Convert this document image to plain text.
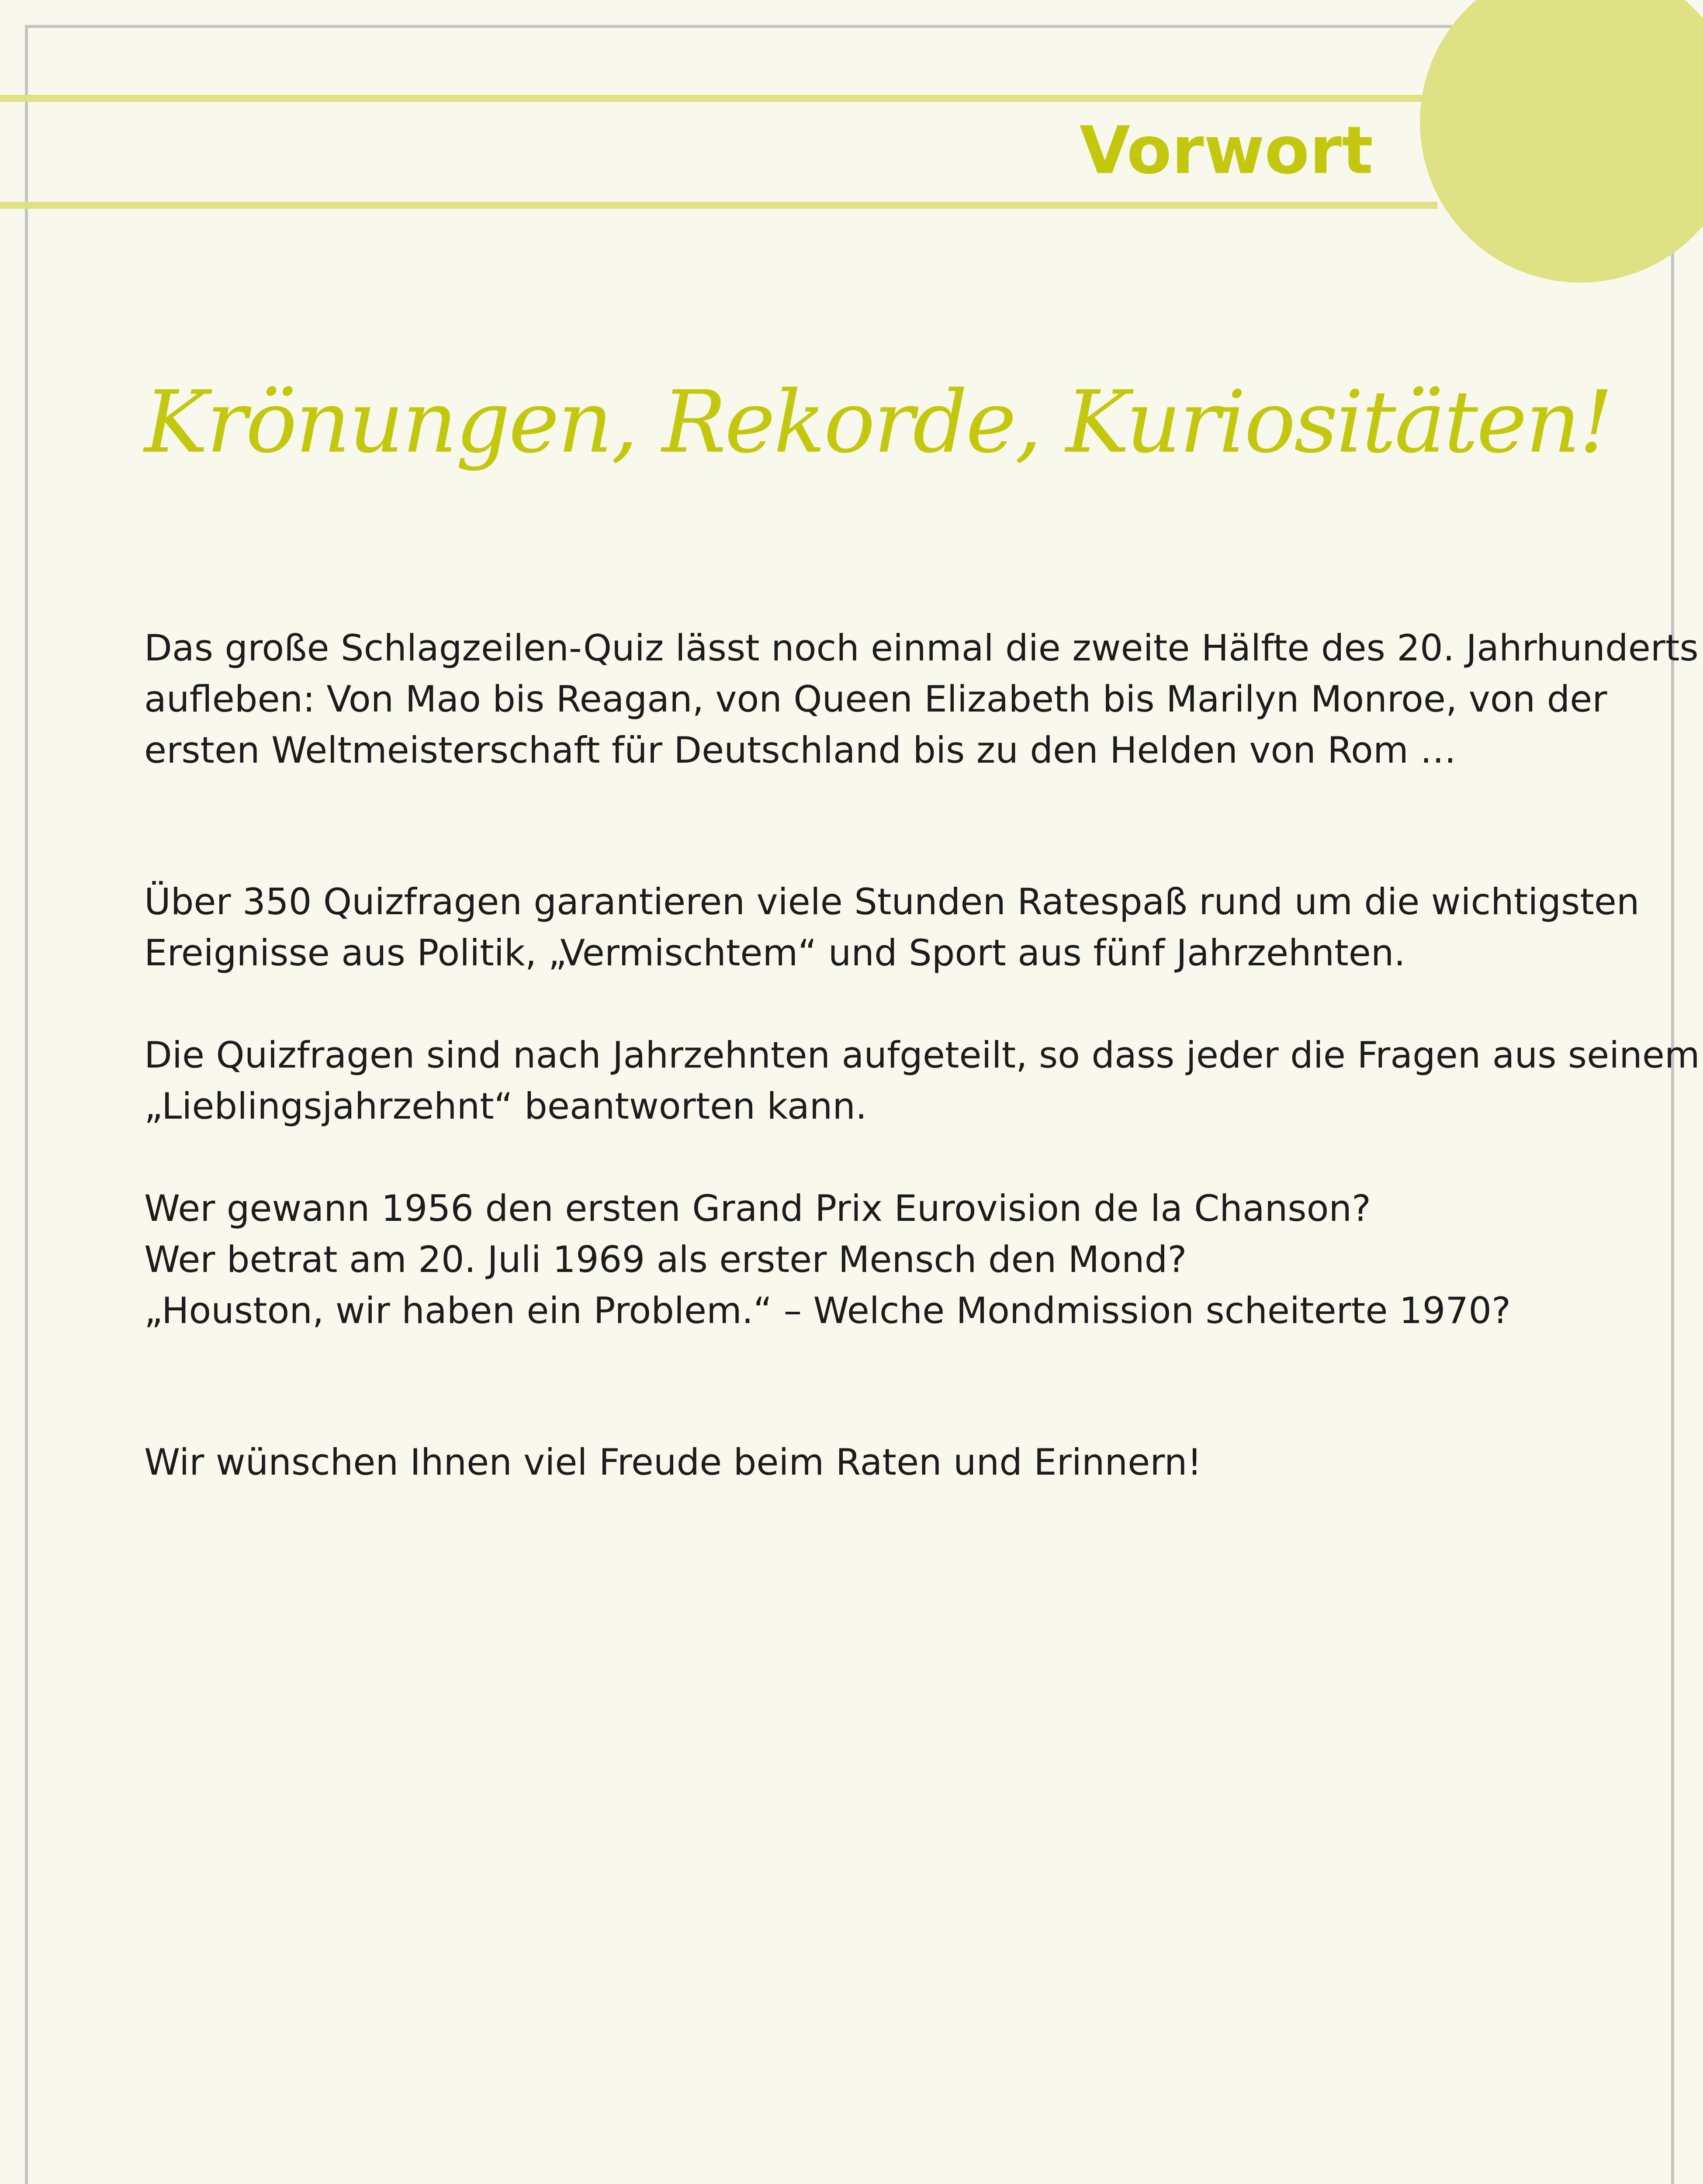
Vorwort
Krönungen, Rekorde, Kuriositäten!

Das große Schlagzeilen-Quiz lässt noch einmal die zweite Hälfte des 20. Jahrhunderts

aufleben: Von Mao bis Reagan, von Queen Elizabeth bis Marilyn Monroe, von der

ersten Weltmeisterschaft für Deutschland bis zu den Helden von Rom …

Über 350 Quizfragen garantieren viele Stunden Ratespaß rund um die wichtigsten

Ereignisse aus Politik, „Vermischtem“ und Sport aus fünf Jahrzehnten.

Die Quizfragen sind nach Jahrzehnten aufgeteilt, so dass jeder die Fragen aus seinem

„Lieblingsjahrzehnt“ beantworten kann.

Wer gewann 1956 den ersten Grand Prix Eurovision de la Chanson?

Wer betrat am 20. Juli 1969 als erster Mensch den Mond?

„Houston, wir haben ein Problem.“ – Welche Mondmission scheiterte 1970?

Wir wünschen Ihnen viel Freude beim Raten und Erinnern!
